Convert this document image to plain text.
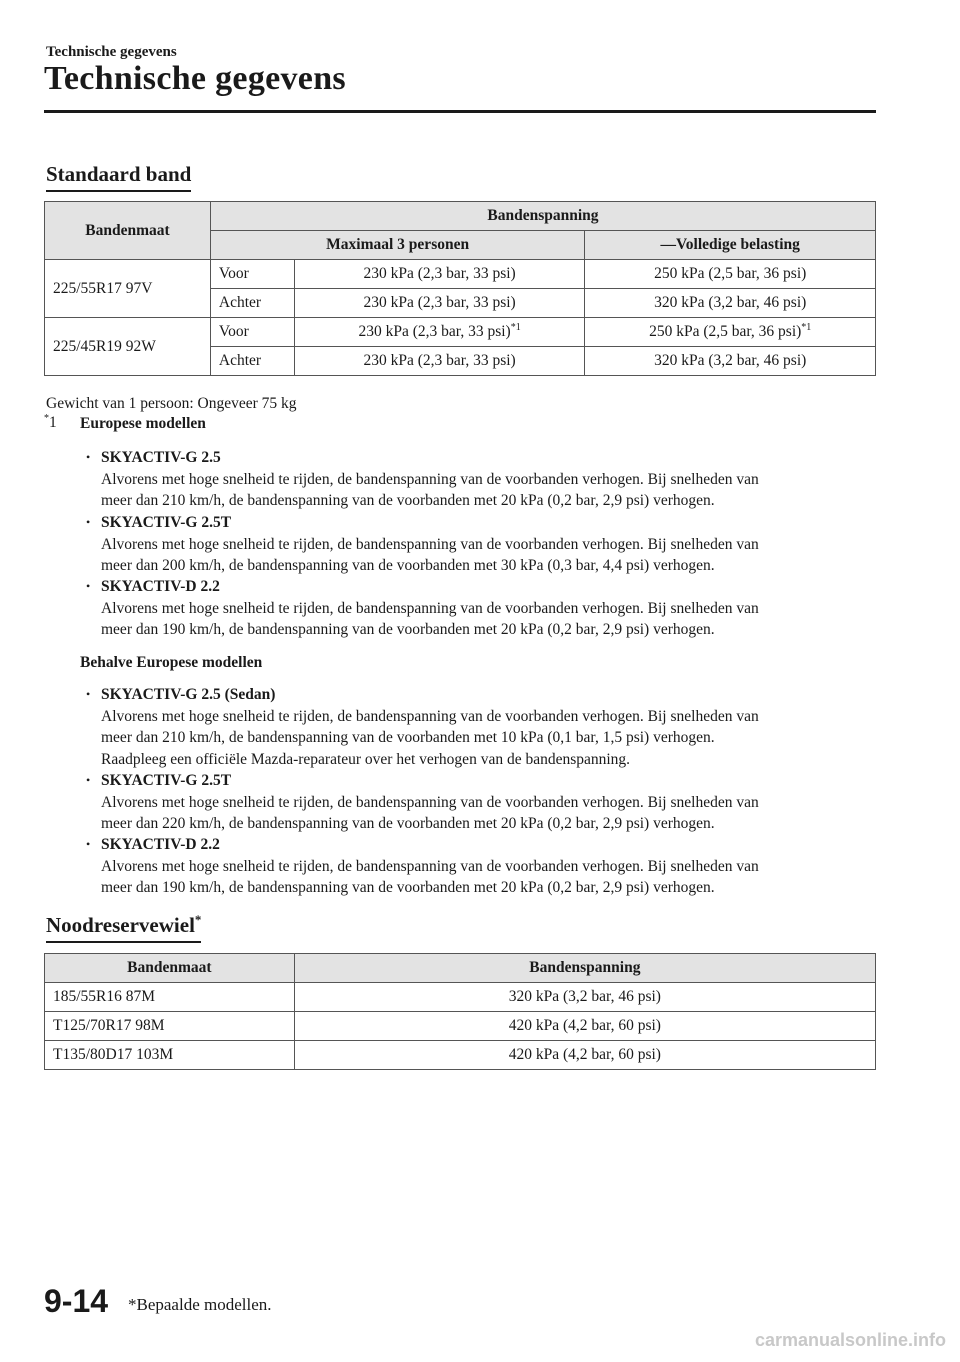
Technische gegevens
Technische gegevens
Standaard band
Bandenmaat	Bandenspanning		
	Maximaal 3 personen		—Volledige belasting
225/55R17 97V	Voor	230 kPa (2,3 bar, 33 psi)	250 kPa (2,5 bar, 36 psi)
	Achter	230 kPa (2,3 bar, 33 psi)	320 kPa (3,2 bar, 46 psi)
225/45R19 92W	Voor	230 kPa (2,3 bar, 33 psi)$^{*1}$	250 kPa (2,5 bar, 36 psi)$^{*1}$
	Achter	230 kPa (2,3 bar, 33 psi)	320 kPa (3,2 bar, 46 psi)
Gewicht van 1 persoon: Ongeveer 75 kg
*1 Europese modellen
• SKYACTIV-G 2.5
Alvorens met hoge snelheid te rijden, de bandenspanning van de voorbanden verhogen. Bij snelheden van
meer dan 210 km/h, de bandenspanning van de voorbanden met 20 kPa (0,2 bar, 2,9 psi) verhogen.
• SKYACTIV-G 2.5T
Alvorens met hoge snelheid te rijden, de bandenspanning van de voorbanden verhogen. Bij snelheden van
meer dan 200 km/h, de bandenspanning van de voorbanden met 30 kPa (0,3 bar, 4,4 psi) verhogen.
• SKYACTIV-D 2.2
Alvorens met hoge snelheid te rijden, de bandenspanning van de voorbanden verhogen. Bij snelheden van
meer dan 190 km/h, de bandenspanning van de voorbanden met 20 kPa (0,2 bar, 2,9 psi) verhogen.
Behalve Europese modellen
• SKYACTIV-G 2.5 (Sedan)
Alvorens met hoge snelheid te rijden, de bandenspanning van de voorbanden verhogen. Bij snelheden van
meer dan 210 km/h, de bandenspanning van de voorbanden met 10 kPa (0,1 bar, 1,5 psi) verhogen.
Raadpleeg een officiële Mazda-reparateur over het verhogen van de bandenspanning.
• SKYACTIV-G 2.5T
Alvorens met hoge snelheid te rijden, de bandenspanning van de voorbanden verhogen. Bij snelheden van
meer dan 220 km/h, de bandenspanning van de voorbanden met 20 kPa (0,2 bar, 2,9 psi) verhogen.
• SKYACTIV-D 2.2
Alvorens met hoge snelheid te rijden, de bandenspanning van de voorbanden verhogen. Bij snelheden van
meer dan 190 km/h, de bandenspanning van de voorbanden met 20 kPa (0,2 bar, 2,9 psi) verhogen.
Noodreservewiel*
Bandenmaat	Bandenspanning
185/55R16 87M	320 kPa (3,2 bar, 46 psi)
T125/70R17 98M	420 kPa (4,2 bar, 60 psi)
T135/80D17 103M	420 kPa (4,2 bar, 60 psi)
9-14 *Bepaalde modellen.
carmanualsonline.info
